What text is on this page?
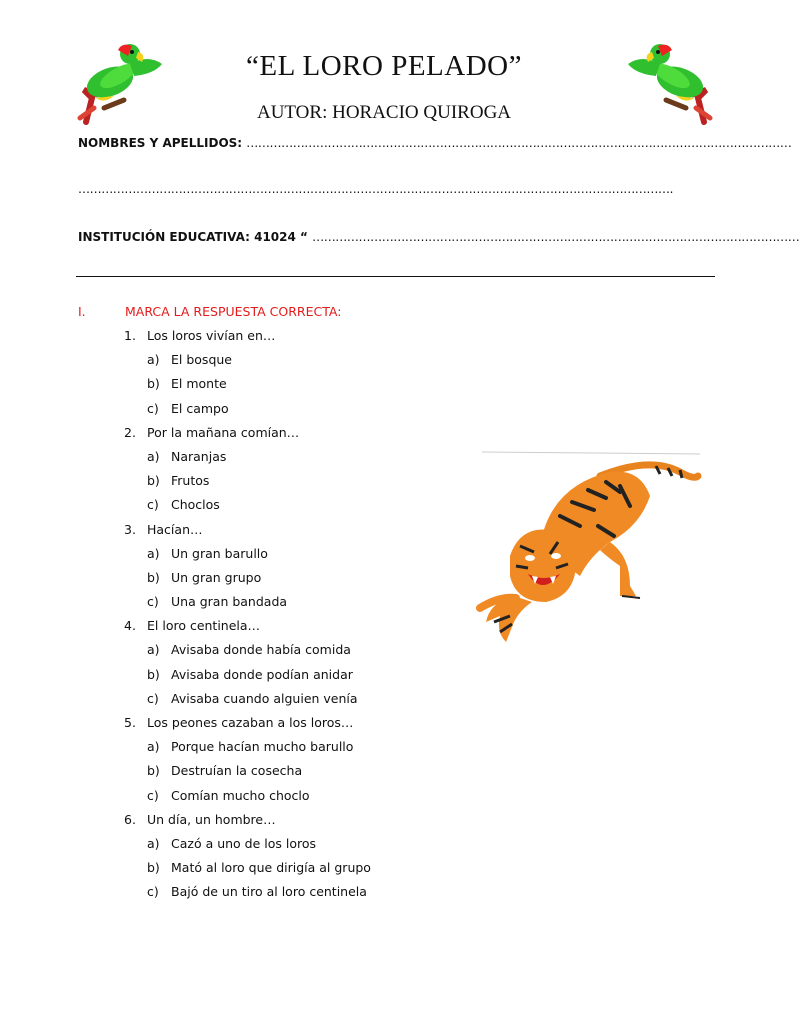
“EL LORO PELADO”
AUTOR: HORACIO QUIROGA
NOMBRES Y APELLIDOS: ……………………………………………………………………………………………………………………………
……………………………………………………………………………………………………………………………………….
INSTITUCIÓN EDUCATIVA: 41024 “ ………………………………………………………………………………………………………………
I.	MARCA LA RESPUESTA CORRECTA:
1. Los loros vivían en…
a) El bosque
b) El monte
c) El campo
2. Por la mañana comían…
a) Naranjas
b) Frutos
c) Choclos
3. Hacían…
a) Un gran barullo
b) Un gran grupo
c) Una gran bandada
4. El loro centinela…
a) Avisaba donde había comida
b) Avisaba donde podían anidar
c) Avisaba cuando alguien venía
5. Los peones cazaban a los loros…
a) Porque hacían mucho barullo
b) Destruían la cosecha
c) Comían mucho choclo
6. Un día, un hombre…
a) Cazó a uno de los loros
b) Mató al loro que dirigía al grupo
c) Bajó de un tiro al loro centinela
